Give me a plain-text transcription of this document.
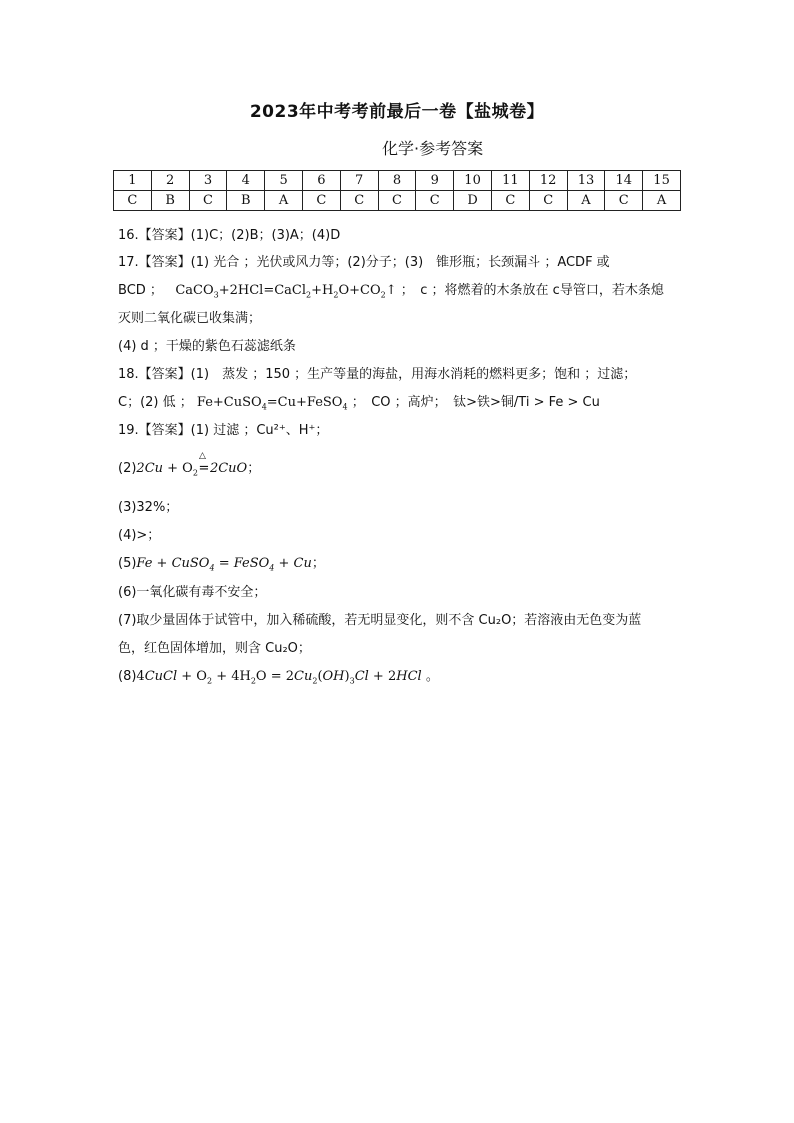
2023年中考考前最后一卷【盐城卷】
化学·参考答案
1	2	3	4	5	6	7	8	9	10	11	12	13	14	15
C	B	C	B	A	C	C	C	C	D	C	C	A	C	A
16.【答案】(1)C；(2)B；(3)A；(4)D
17.【答案】(1) 光合 ；光伏或风力等；(2)分子；(3)　锥形瓶；长颈漏斗 ；ACDF 或
BCD ；   $CaCO_3+2HCl=CaCl_2+H_2O+CO_2↑$ ；　c ；将燃着的木条放在 c导管口，若木条熄
灭则二氧化碳已收集满；
(4) d ；干燥的紫色石蕊滤纸条
18.【答案】(1)　蒸发 ；150 ；生产等量的海盐，用海水消耗的燃料更多；饱和 ；过滤；
C；(2) 低 ； Fe+CuSO$_4$=Cu+FeSO$_4$ ；　CO ；高炉；　钛>铁>铜/Ti > Fe > Cu
19.【答案】(1) 过滤 ；Cu²⁺、H⁺；
$(2)2Cu + O_2$
△
=2CuO；
(3)32%；
(4)>；
(5)Fe + CuSO$_4$ = FeSO$_4$ + Cu；
(6)一氧化碳有毒不安全；
(7)取少量固体于试管中，加入稀硫酸，若无明显变化，则不含 Cu₂O；若溶液由无色变为蓝
色，红色固体增加，则含 Cu₂O；
(8)4CuCl + $O_2 + 4H_2O = 2Cu_2(OH)_3Cl + 2HCl$ 。
